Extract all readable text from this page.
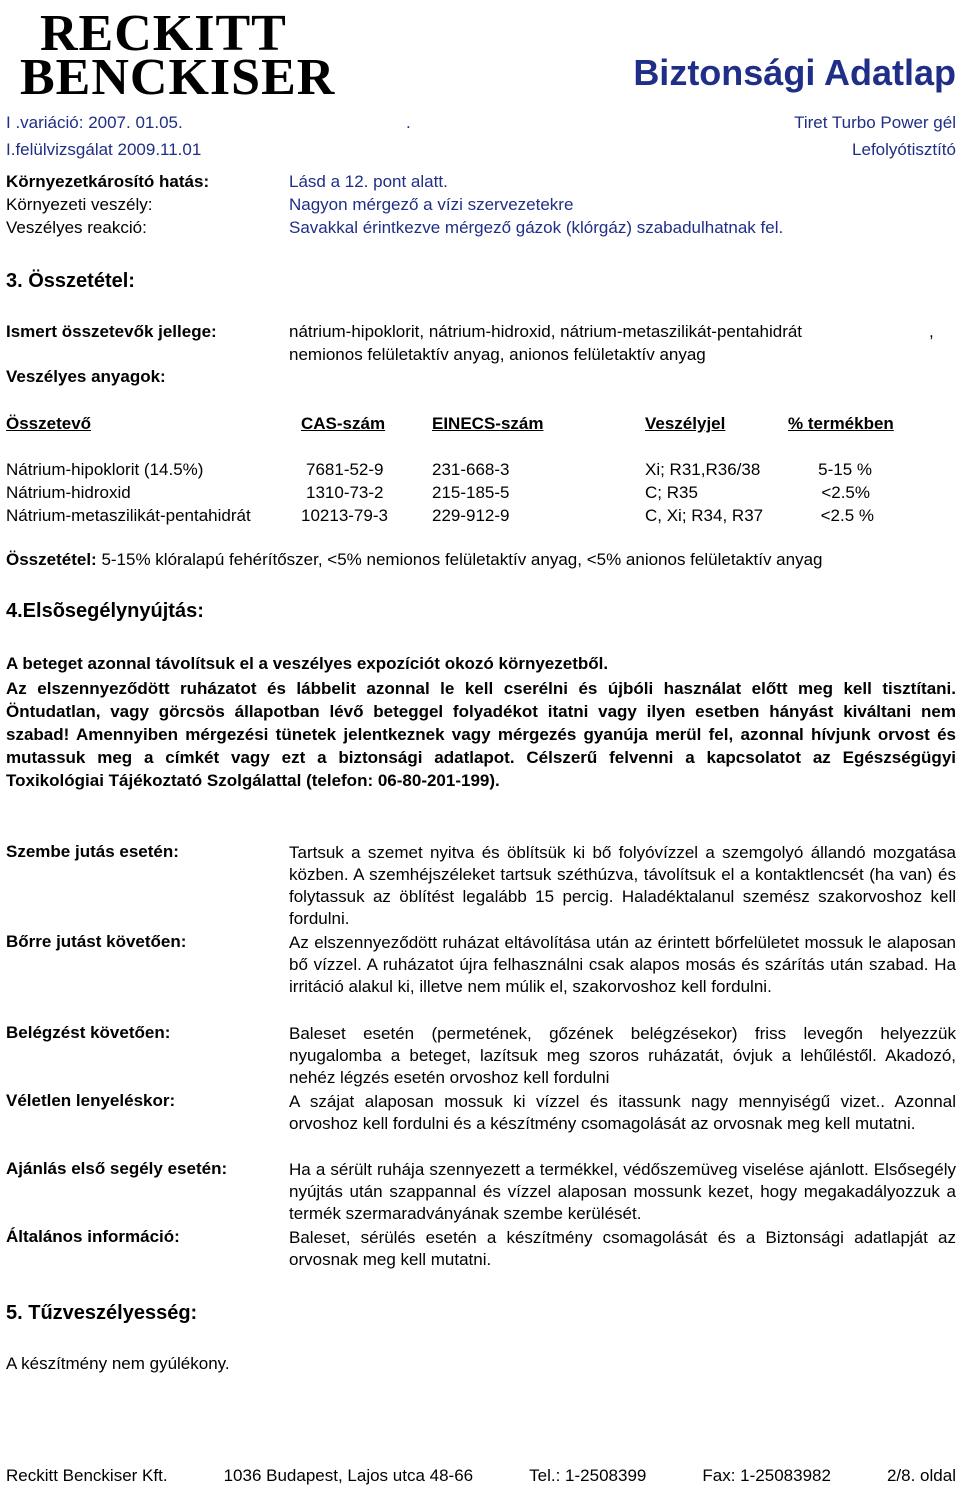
RECKITT
BENCKISER	Biztonsági Adatlap
I .variáció: 2007. 01.05.	.	Tiret Turbo Power gél
I.felülvizsgálat 2009.11.01	Lefolyótisztító
Környezetkárosító hatás:	Lásd a 12. pont alatt.
Környezeti veszély:	Nagyon mérgező a vízi szervezetekre
Veszélyes reakció:	Savakkal érintkezve mérgező gázok (klórgáz) szabadulhatnak fel.
3. Összetétel:
Ismert összetevők jellege:	nátrium-hipoklorit, nátrium-hidroxid, nátrium-metaszilikát-pentahidrát	,
nemionos felületaktív anyag, anionos felületaktív anyag
Veszélyes anyagok:
Összetevő	CAS-szám	EINECS-szám	Veszélyjel	% termékben
Nátrium-hipoklorit (14.5%)	7681-52-9	231-668-3	Xi; R31,R36/38	5-15 %
Nátrium-hidroxid	1310-73-2	215-185-5	C; R35	<2.5%
Nátrium-metaszilikát-pentahidrát	10213-79-3	229-912-9	C, Xi; R34, R37	<2.5 %
Összetétel: 5-15% klóralapú fehérítőszer, <5% nemionos felületaktív anyag, <5% anionos felületaktív anyag
4.Elsõsegélynyújtás:
A beteget azonnal távolítsuk el a veszélyes expozíciót okozó környezetből.
Az elszennyeződött ruházatot és lábbelit azonnal le kell cserélni és újbóli használat előtt meg kell tisztítani. Öntudatlan, vagy görcsös állapotban lévő beteggel folyadékot itatni vagy ilyen esetben hányást kiváltani nem szabad! Amennyiben mérgezési tünetek jelentkeznek vagy mérgezés gyanúja merül fel, azonnal hívjunk orvost és mutassuk meg a címkét vagy ezt a biztonsági adatlapot. Célszerű felvenni a kapcsolatot az Egészségügyi Toxikológiai Tájékoztató Szolgálattal (telefon: 06-80-201-199).
Szembe jutás esetén:	Tartsuk a szemet nyitva és öblítsük ki bő folyóvízzel a szemgolyó állandó mozgatása közben. A szemhéjszéleket tartsuk széthúzva, távolítsuk el a kontaktlencsét (ha van) és folytassuk az öblítést legalább 15 percig. Haladéktalanul szemész szakorvoshoz kell fordulni.
Bőrre jutást követően:	Az elszennyeződött ruházat eltávolítása után az érintett bőrfelületet mossuk le alaposan bő vízzel. A ruházatot újra felhasználni csak alapos mosás és szárítás után szabad. Ha irritáció alakul ki, illetve nem múlik el, szakorvoshoz kell fordulni.
Belégzést követően:	Baleset esetén (permetének, gőzének belégzésekor) friss levegőn helyezzük nyugalomba a beteget, lazítsuk meg szoros ruházatát, óvjuk a lehűléstől. Akadozó, nehéz légzés esetén orvoshoz kell fordulni
Véletlen lenyeléskor:	A szájat alaposan mossuk ki vízzel és itassunk nagy mennyiségű vizet.. Azonnal orvoshoz kell fordulni és a készítmény csomagolását az orvosnak meg kell mutatni.
Ajánlás első segély esetén:	Ha a sérült ruhája szennyezett a termékkel, védőszemüveg viselése ajánlott. Elsősegély nyújtás után szappannal és vízzel alaposan mossunk kezet, hogy megakadályozzuk a termék szermaradványának szembe kerülését.
Általános információ:	Baleset, sérülés esetén a készítmény csomagolását és a Biztonsági adatlapját az orvosnak meg kell mutatni.
5. Tűzveszélyesség:
A készítmény nem gyúlékony.
Reckitt Benckiser Kft.	1036 Budapest, Lajos utca 48-66	Tel.: 1-2508399	Fax: 1-25083982	2/8. oldal
